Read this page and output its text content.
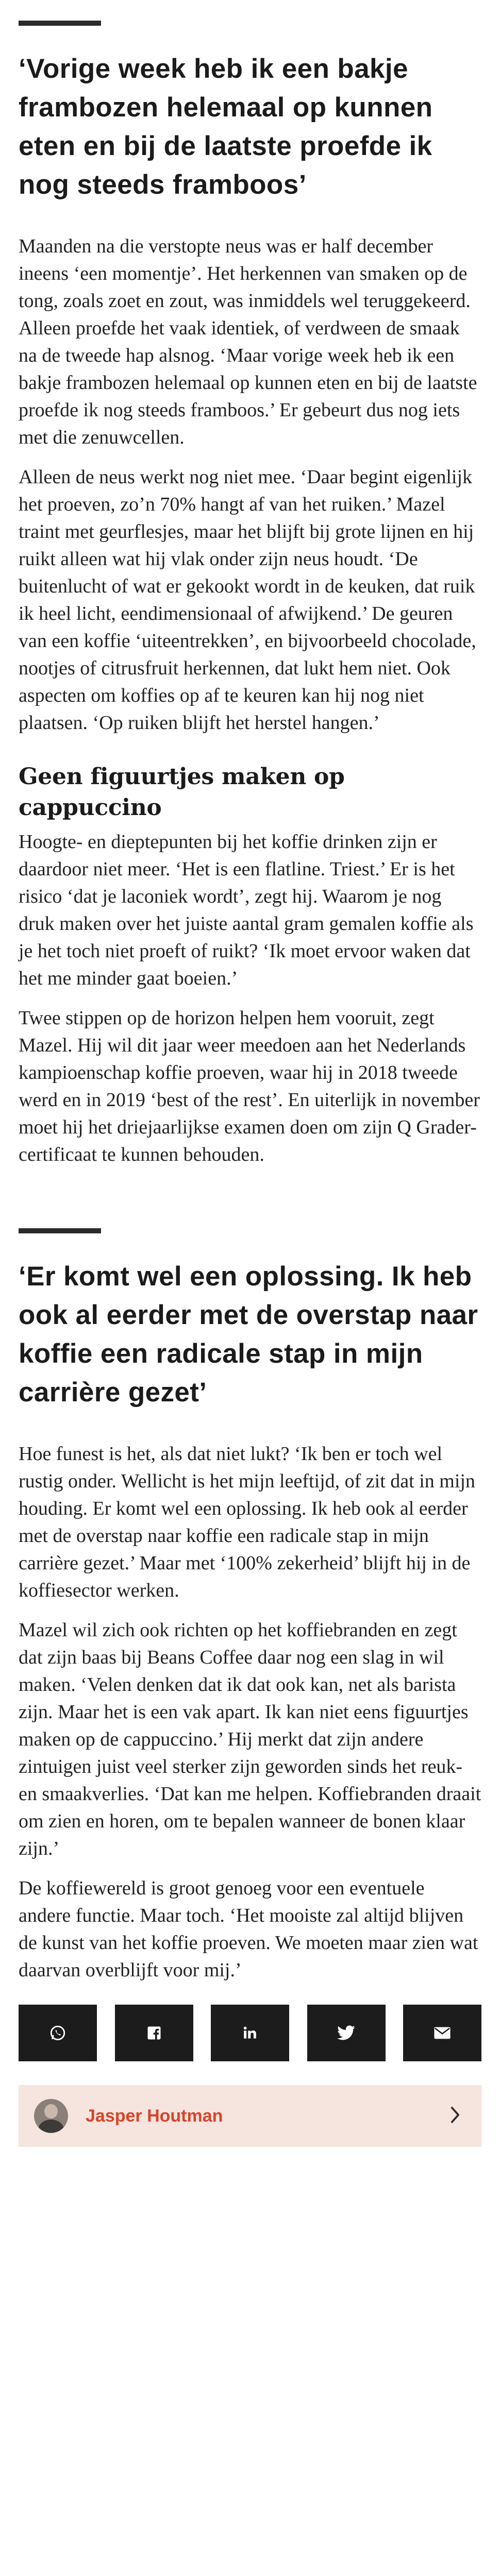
‘Vorige week heb ik een bakje frambozen helemaal op kunnen eten en bij de laatste proefde ik nog steeds framboos’

Maanden na die verstopte neus was er half december ineens ‘een momentje’. Het herkennen van smaken op de tong, zoals zoet en zout, was inmiddels wel teruggekeerd. Alleen proefde het vaak identiek, of verdween de smaak na de tweede hap alsnog. ‘Maar vorige week heb ik een bakje frambozen helemaal op kunnen eten en bij de laatste proefde ik nog steeds framboos.’ Er gebeurt dus nog iets met die zenuwcellen.

Alleen de neus werkt nog niet mee. ‘Daar begint eigenlijk het proeven, zo’n 70% hangt af van het ruiken.’ Mazel traint met geurflesjes, maar het blijft bij grote lijnen en hij ruikt alleen wat hij vlak onder zijn neus houdt. ‘De buitenlucht of wat er gekookt wordt in de keuken, dat ruik ik heel licht, eendimensionaal of afwijkend.’ De geuren van een koffie ‘uiteentrekken’, en bijvoorbeeld chocolade, nootjes of citrusfruit herkennen, dat lukt hem niet. Ook aspecten om koffies op af te keuren kan hij nog niet plaatsen. ‘Op ruiken blijft het herstel hangen.’

Geen figuurtjes maken op cappuccino

Hoogte- en dieptepunten bij het koffie drinken zijn er daardoor niet meer. ‘Het is een flatline. Triest.’ Er is het risico ‘dat je laconiek wordt’, zegt hij. Waarom je nog druk maken over het juiste aantal gram gemalen koffie als je het toch niet proeft of ruikt? ‘Ik moet ervoor waken dat het me minder gaat boeien.’

Twee stippen op de horizon helpen hem vooruit, zegt Mazel. Hij wil dit jaar weer meedoen aan het Nederlands kampioenschap koffie proeven, waar hij in 2018 tweede werd en in 2019 ‘best of the rest’. En uiterlijk in november moet hij het driejaarlijkse examen doen om zijn Q Grader-certificaat te kunnen behouden.

‘Er komt wel een oplossing. Ik heb ook al eerder met de overstap naar koffie een radicale stap in mijn carrière gezet’

Hoe funest is het, als dat niet lukt? ‘Ik ben er toch wel rustig onder. Wellicht is het mijn leeftijd, of zit dat in mijn houding. Er komt wel een oplossing. Ik heb ook al eerder met de overstap naar koffie een radicale stap in mijn carrière gezet.’ Maar met ‘100% zekerheid’ blijft hij in de koffiesector werken.

Mazel wil zich ook richten op het koffiebranden en zegt dat zijn baas bij Beans Coffee daar nog een slag in wil maken. ‘Velen denken dat ik dat ook kan, net als barista zijn. Maar het is een vak apart. Ik kan niet eens figuurtjes maken op de cappuccino.’ Hij merkt dat zijn andere zintuigen juist veel sterker zijn geworden sinds het reuk- en smaakverlies. ‘Dat kan me helpen. Koffiebranden draait om zien en horen, om te bepalen wanneer de bonen klaar zijn.’

De koffiewereld is groot genoeg voor een eventuele andere functie. Maar toch. ‘Het mooiste zal altijd blijven de kunst van het koffie proeven. We moeten maar zien wat daarvan overblijft voor mij.’

Jasper Houtman
